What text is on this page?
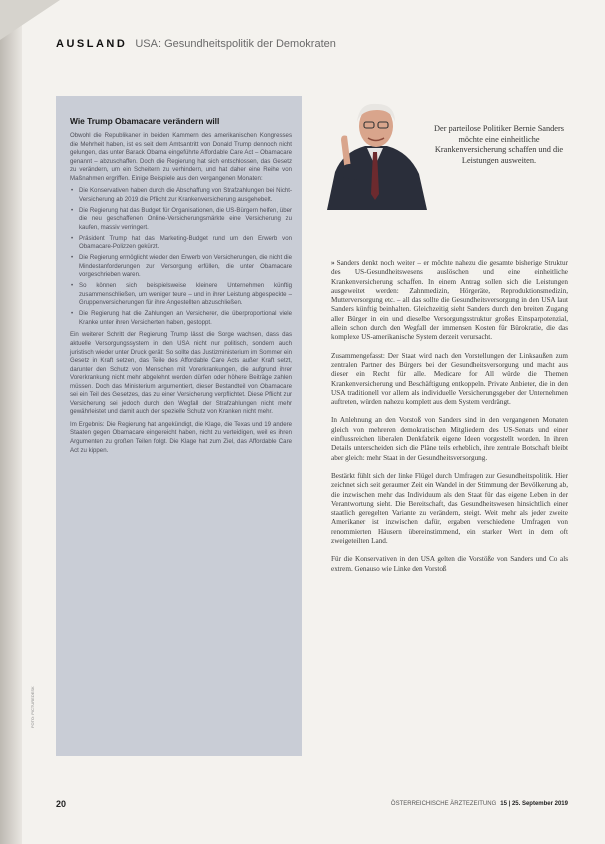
AUSLAND USA: Gesundheitspolitik der Demokraten
Wie Trump Obamacare verändern will

Obwohl die Republikaner in beiden Kammern des amerikanischen Kongresses die Mehrheit haben, ist es seit dem Amtsantritt von Donald Trump dennoch nicht gelungen, das unter Barack Obama eingeführte Affordable Care Act – Obamacare genannt – abzuschaffen. Doch die Regierung hat sich entschlossen, das Gesetz zu verändern, um ein Scheitern zu verhindern, und hat daher eine Reihe von Maßnahmen ergriffen. Einige Beispiele aus den vergangenen Monaten:

• Die Konservativen haben durch die Abschaffung von Strafzahlungen bei Nicht-Versicherung ab 2019 die Pflicht zur Krankenversicherung ausgehebelt.
• Die Regierung hat das Budget für Organisationen, die US-Bürgern helfen, über die neu geschaffenen Online-Versicherungsmärkte eine Versicherung zu kaufen, massiv verringert.
• Präsident Trump hat das Marketing-Budget rund um den Erwerb von Obamacare-Polizzen gekürzt.
• Die Regierung ermöglicht wieder den Erwerb von Versicherungen, die nicht die Mindestanforderungen zur Versorgung erfüllen, die unter Obamacare vorgeschrieben waren.
• So können sich beispielsweise kleinere Unternehmen künftig zusammenschließen, um weniger teure – und in ihrer Leistung abgespeckte – Gruppenversicherungen für ihre Angestellten abzuschließen.
• Die Regierung hat die Zahlungen an Versicherer, die überproportional viele Kranke unter ihren Versicherten haben, gestoppt.

Ein weiterer Schritt der Regierung Trump lässt die Sorge wachsen, dass das aktuelle Versorgungssystem in den USA nicht nur politisch, sondern auch juristisch wieder unter Druck gerät: So sollte das Justizministerium im Sommer ein Gesetz in Kraft setzen, das Teile des Affordable Care Acts außer Kraft setzt, darunter den Schutz von Menschen mit Vorerkrankungen, die aufgrund ihrer Vorerkrankung nicht mehr abgelehnt werden dürfen oder höhere Beiträge zahlen müssen. Doch das Ministerium argumentiert, dieser Bestandteil von Obamacare sei ein Teil des Gesetzes, das zu einer Versicherung verpflichtet. Diese Pflicht zur Versicherung sei jedoch durch den Wegfall der Strafzahlungen nicht mehr gewährleistet und damit auch der spezielle Schutz von Kranken nicht mehr.

Im Ergebnis: Die Regierung hat angekündigt, die Klage, die Texas und 19 andere Staaten gegen Obamacare eingereicht haben, nicht zu verteidigen, weil es ihren Argumenten zu großen Teilen folgt. Die Klage hat zum Ziel, das Affordable Care Act zu kippen.

Der parteilose Politiker Bernie Sanders möchte eine einheitliche Krankenversicherung schaffen und die Leistungen ausweiten.

» Sanders denkt noch weiter – er möchte nahezu die gesamte bisherige Struktur des US-Gesundheitswesens auslöschen und eine einheitliche Krankenversicherung schaffen. In einem Antrag sollen sich die Leistungen ausgeweitet werden: Zahnmedizin, Hörgeräte, Reproduktionsmedizin, Mutterversorgung etc. – all das sollte die Gesundheitsversorgung in den USA laut Sanders künftig beinhalten. Gleichzeitig sieht Sanders durch den breiten Zugang aller Bürger in ein und dieselbe Versorgungsstruktur großes Einsparpotenzial, allein schon durch den Wegfall der immensen Kosten für Bürokratie, die das komplexe US-amerikanische System derzeit verursacht.

Zusammengefasst: Der Staat wird nach den Vorstellungen der Linksaußen zum zentralen Partner des Bürgers bei der Gesundheitsversorgung und macht aus dieser ein Recht für alle. Medicare for All würde die Themen Krankenversicherung und Beschäftigung entkoppeln. Private Anbieter, die in den USA traditionell vor allem als individuelle Versicherungsgeber der Unternehmen auftreten, würden nahezu komplett aus dem System verdrängt.

In Anlehnung an den Vorstoß von Sanders sind in den vergangenen Monaten gleich von mehreren demokratischen Mitgliedern des US-Senats und einer einflussreichen liberalen Denkfabrik eigene Ideen vorgestellt worden. In ihren Details unterscheiden sich die Pläne teils erheblich, ihre zentrale Botschaft bleibt aber gleich: mehr Staat in der Gesundheitsversorgung.

Bestärkt fühlt sich der linke Flügel durch Umfragen zur Gesundheitspolitik. Hier zeichnet sich seit geraumer Zeit ein Wandel in der Stimmung der Bevölkerung ab, die inzwischen mehr das Individuum als den Staat für das eigene Leben in der Verantwortung sieht. Die Bereitschaft, das Gesundheitswesen hinsichtlich einer staatlich geregelten Variante zu verändern, steigt. Weit mehr als jeder zweite Amerikaner ist inzwischen dafür, ergaben verschiedene Umfragen von renommierten Häusern übereinstimmend, ein starker Wert in dem oft zweigeteilten Land.

Für die Konservativen in den USA gelten die Vorstöße von Sanders und Co als extrem. Genauso wie Linke den Vorstoß

FOTO: PICTUREDESK
20	ÖSTERREICHISCHE ÄRZTEZEITUNG 15 | 25. September 2019
